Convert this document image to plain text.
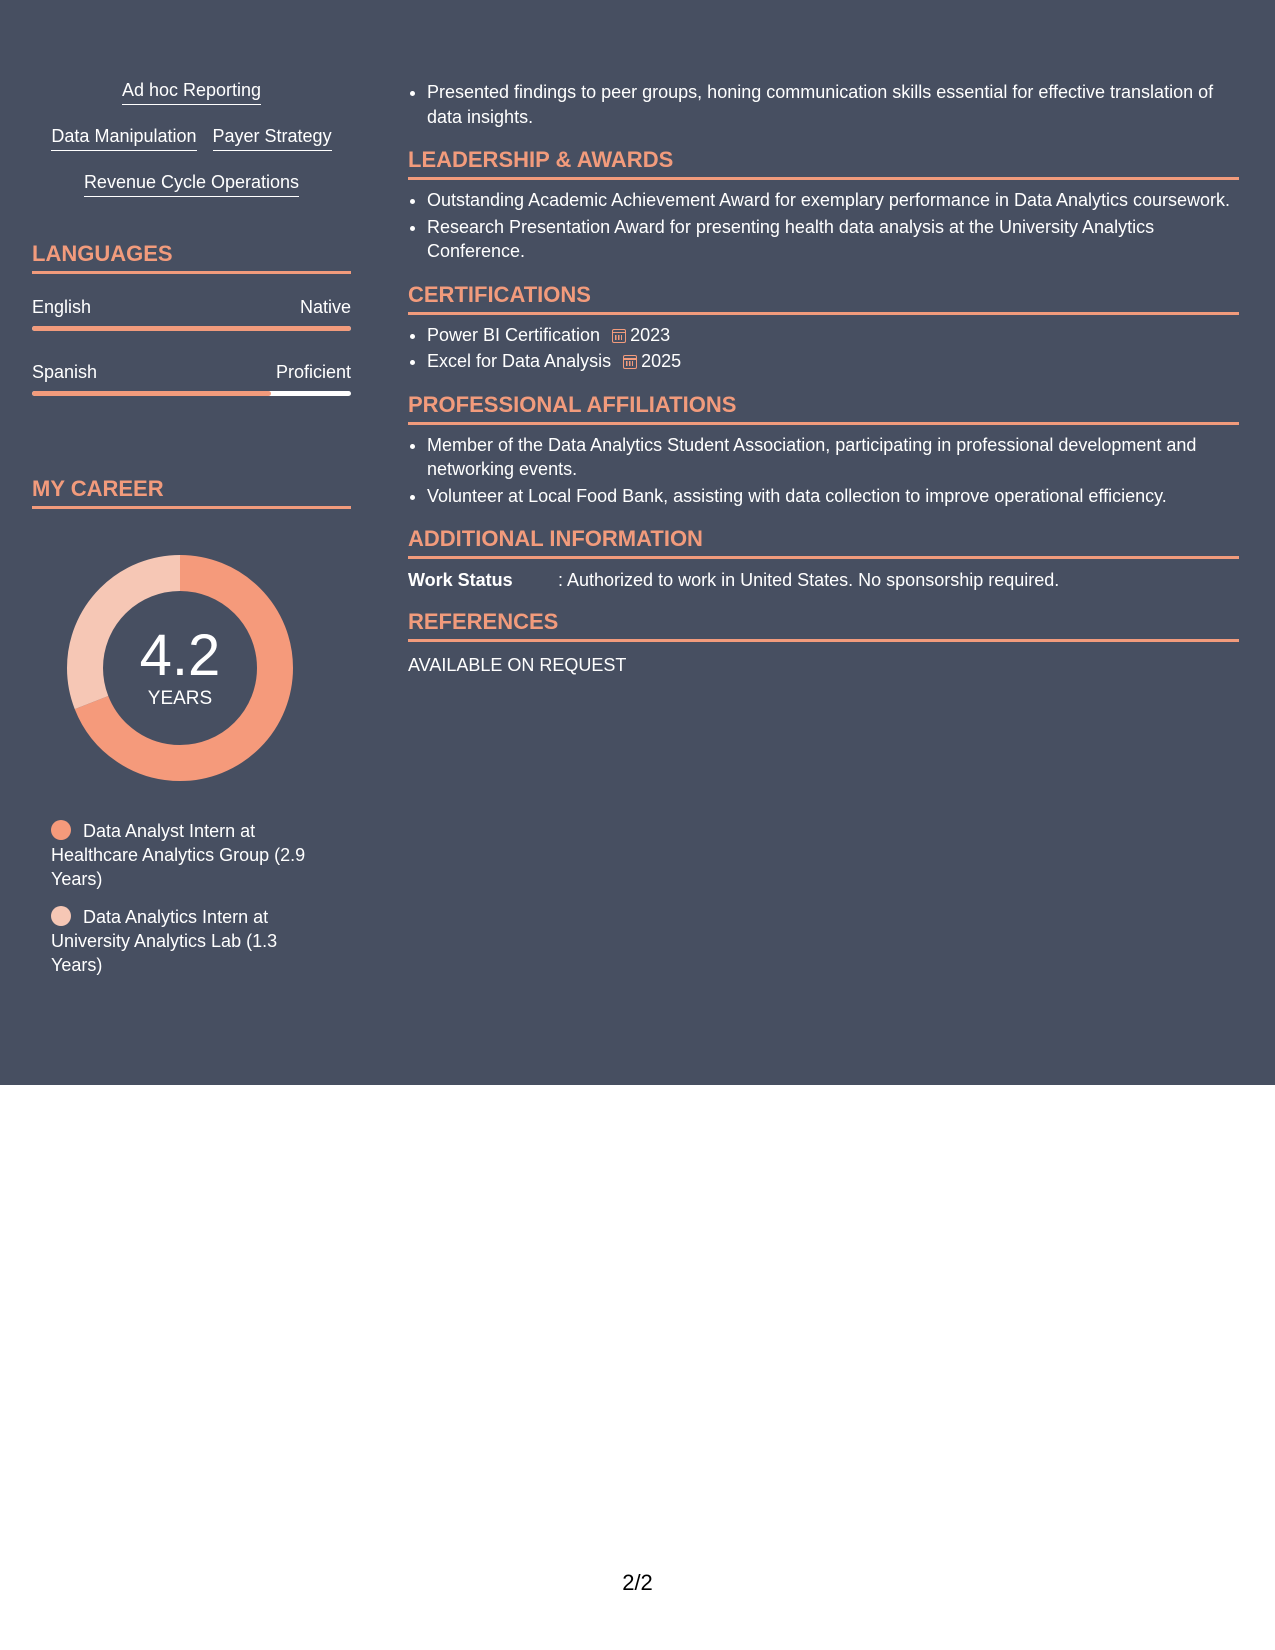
Ad hoc Reporting
Data Manipulation Payer Strategy
Revenue Cycle Operations
LANGUAGES
English	Native
Spanish	Proficient
MY CAREER
4.2
YEARS
Data Analyst Intern at Healthcare Analytics Group (2.9 Years)
Data Analytics Intern at University Analytics Lab (1.3 Years)
• Presented findings to peer groups, honing communication skills essential for effective translation of data insights.
LEADERSHIP & AWARDS
• Outstanding Academic Achievement Award for exemplary performance in Data Analytics coursework.
• Research Presentation Award for presenting health data analysis at the University Analytics Conference.
CERTIFICATIONS
• Power BI Certification 2023
• Excel for Data Analysis 2025
PROFESSIONAL AFFILIATIONS
• Member of the Data Analytics Student Association, participating in professional development and networking events.
• Volunteer at Local Food Bank, assisting with data collection to improve operational efficiency.
ADDITIONAL INFORMATION
Work Status	: Authorized to work in United States. No sponsorship required.
REFERENCES
AVAILABLE ON REQUEST
2/2
